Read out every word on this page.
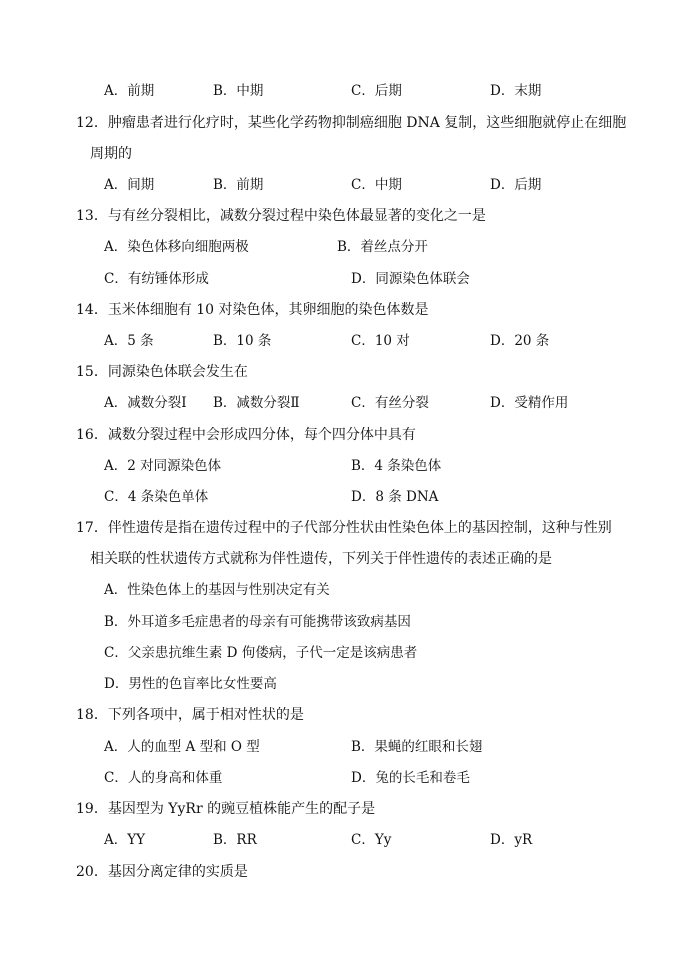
A．前期	B．中期	C．后期	D．末期
12．肿瘤患者进行化疗时，某些化学药物抑制癌细胞 DNA 复制，这些细胞就停止在细胞
周期的
A．间期	B．前期	C．中期	D．后期
13．与有丝分裂相比，减数分裂过程中染色体最显著的变化之一是
A．染色体移向细胞两极	B．着丝点分开
C．有纺锤体形成	D．同源染色体联会
14．玉米体细胞有 10 对染色体，其卵细胞的染色体数是
A．5 条	B．10 条	C．10 对	D．20 条
15．同源染色体联会发生在
A．减数分裂Ⅰ B．减数分裂Ⅱ	C．有丝分裂	D．受精作用
16．减数分裂过程中会形成四分体，每个四分体中具有
A．2 对同源染色体	B．4 条染色体
C．4 条染色单体	D．8 条 DNA
17．伴性遗传是指在遗传过程中的子代部分性状由性染色体上的基因控制，这种与性别
相关联的性状遗传方式就称为伴性遗传，下列关于伴性遗传的表述正确的是
A．性染色体上的基因与性别决定有关
B．外耳道多毛症患者的母亲有可能携带该致病基因
C．父亲患抗维生素 D 佝偻病，子代一定是该病患者
D．男性的色盲率比女性要高
18．下列各项中，属于相对性状的是
A．人的血型 A 型和 O 型	B．果蝇的红眼和长翅
C．人的身高和体重	D．兔的长毛和卷毛
19．基因型为 YyRr 的豌豆植株能产生的配子是
A．YY	B．RR	C．Yy	D．yR
20．基因分离定律的实质是
